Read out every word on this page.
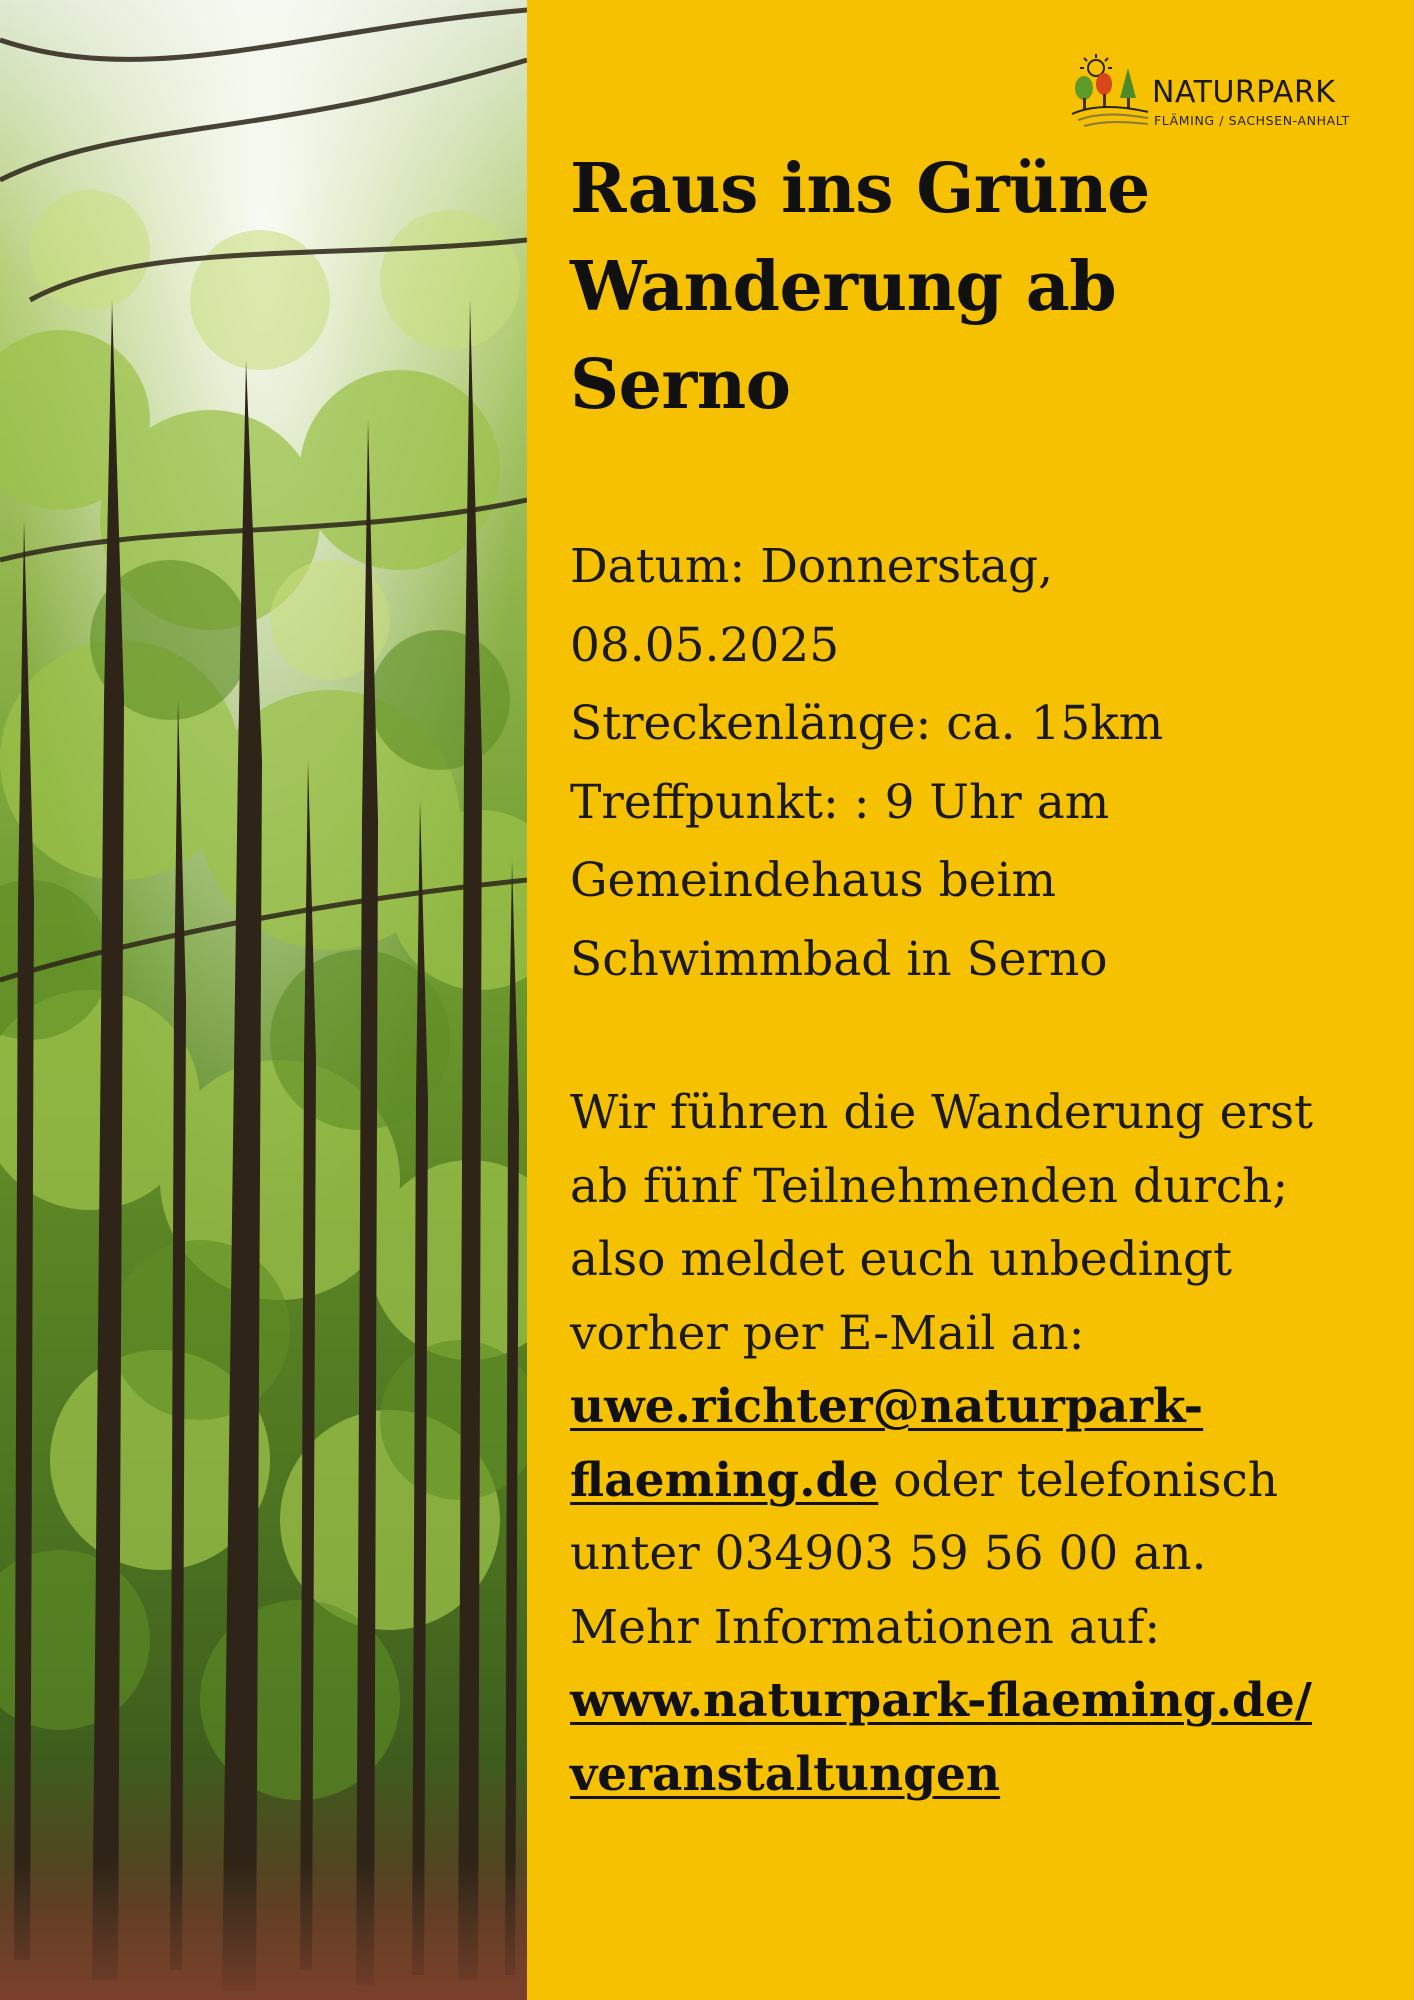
NATURPARK
FLÄMING / SACHSEN-ANHALT
Raus ins Grüne
Wanderung ab
Serno
Datum: Donnerstag,
08.05.2025
Streckenlänge: ca. 15km
Treffpunkt: : 9 Uhr am
Gemeindehaus beim
Schwimmbad in Serno
Wir führen die Wanderung erst
ab fünf Teilnehmenden durch;
also meldet euch unbedingt
vorher per E-Mail an:
uwe.richter@naturpark-
flaeming.de oder telefonisch
unter 034903 59 56 00 an.
Mehr Informationen auf:
www.naturpark-flaeming.de/
veranstaltungen
